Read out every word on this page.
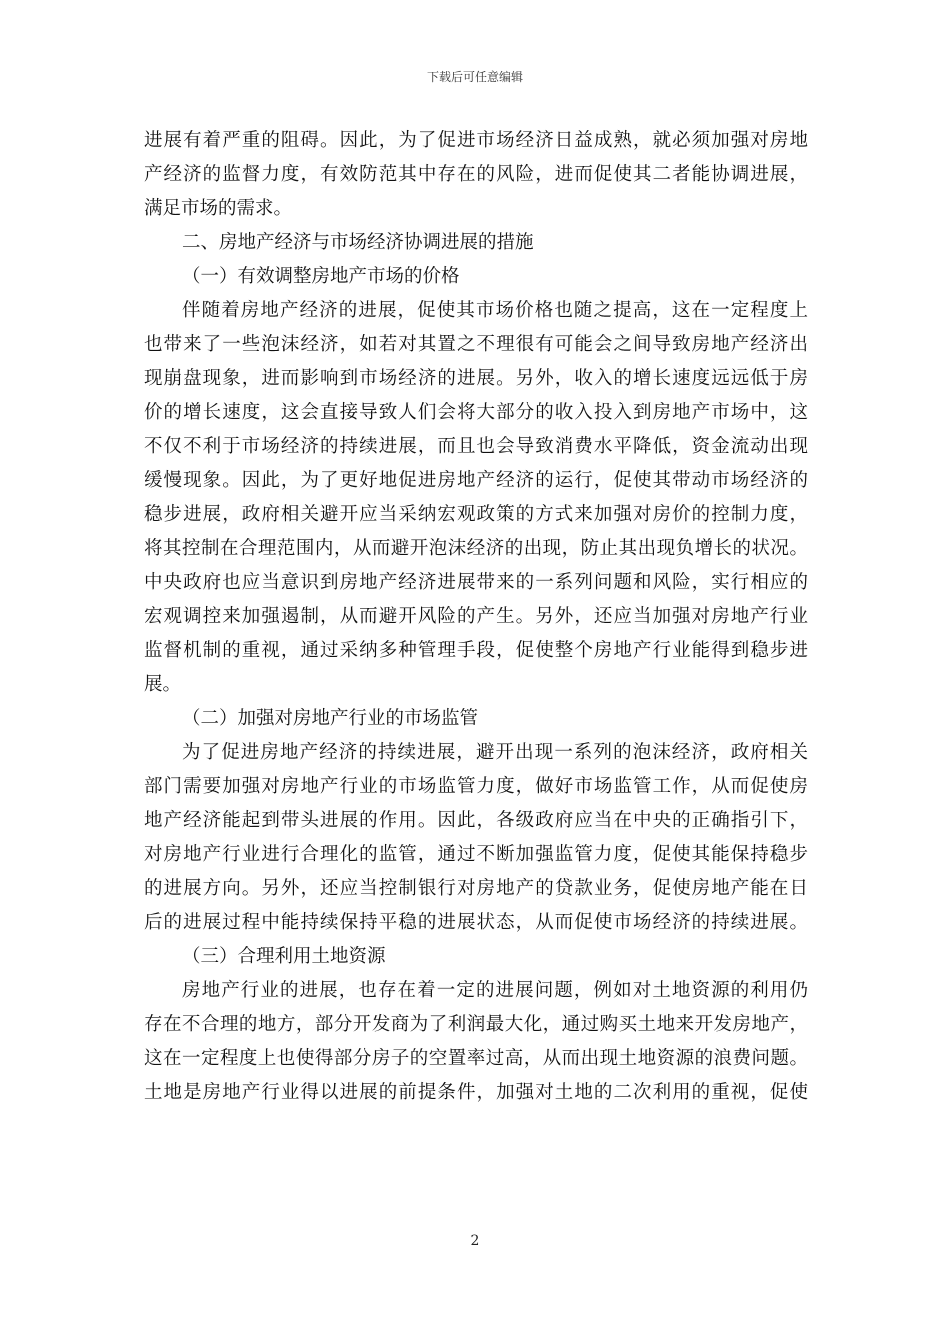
下载后可任意编辑
进展有着严重的阻碍。因此，为了促进市场经济日益成熟，就必须加强对房地
产经济的监督力度，有效防范其中存在的风险，进而促使其二者能协调进展，
满足市场的需求。
二、房地产经济与市场经济协调进展的措施
（一）有效调整房地产市场的价格
伴随着房地产经济的进展，促使其市场价格也随之提高，这在一定程度上
也带来了一些泡沫经济，如若对其置之不理很有可能会之间导致房地产经济出
现崩盘现象，进而影响到市场经济的进展。另外，收入的增长速度远远低于房
价的增长速度，这会直接导致人们会将大部分的收入投入到房地产市场中，这
不仅不利于市场经济的持续进展，而且也会导致消费水平降低，资金流动出现
缓慢现象。因此，为了更好地促进房地产经济的运行，促使其带动市场经济的
稳步进展，政府相关避开应当采纳宏观政策的方式来加强对房价的控制力度，
将其控制在合理范围内，从而避开泡沫经济的出现，防止其出现负增长的状况。
中央政府也应当意识到房地产经济进展带来的一系列问题和风险，实行相应的
宏观调控来加强遏制，从而避开风险的产生。另外，还应当加强对房地产行业
监督机制的重视，通过采纳多种管理手段，促使整个房地产行业能得到稳步进
展。
（二）加强对房地产行业的市场监管
为了促进房地产经济的持续进展，避开出现一系列的泡沫经济，政府相关
部门需要加强对房地产行业的市场监管力度，做好市场监管工作，从而促使房
地产经济能起到带头进展的作用。因此，各级政府应当在中央的正确指引下，
对房地产行业进行合理化的监管，通过不断加强监管力度，促使其能保持稳步
的进展方向。另外，还应当控制银行对房地产的贷款业务，促使房地产能在日
后的进展过程中能持续保持平稳的进展状态，从而促使市场经济的持续进展。
（三）合理利用土地资源
房地产行业的进展，也存在着一定的进展问题，例如对土地资源的利用仍
存在不合理的地方，部分开发商为了利润最大化，通过购买土地来开发房地产，
这在一定程度上也使得部分房子的空置率过高，从而出现土地资源的浪费问题。
土地是房地产行业得以进展的前提条件，加强对土地的二次利用的重视，促使
2
